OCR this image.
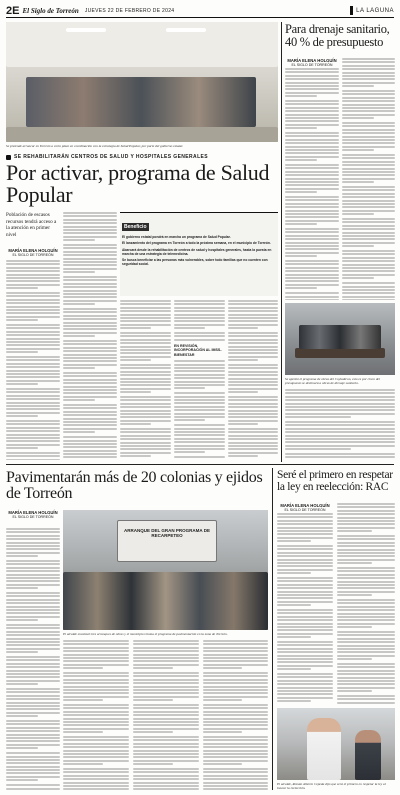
2E El Siglo de Torreón JUEVES 22 DE FEBRERO DE 2024	LA LAGUNA
Se pretende arrancar en Torreón a corto plazo en coordinación con la estrategia de Salud Popular, por parte del gobierno estatal.
Para drenaje sanitario, 40 % de presupuesto
MARÍA ELENA HOLGUÍN
EL SIGLO DE TORREÓN
Se aprobó el programa de obras del Cuyladicon, esto es por cinco del presupuesto se destinará a obras de drenaje sanitario.
SE REHABILITARÁN CENTROS DE SALUD Y HOSPITALES GENERALES
Por activar, programa de Salud Popular
Población de escasos recursos tendrá acceso a la atención en primer nivel
MARÍA ELENA HOLGUÍN
EL SIGLO DE TORREÓN
Beneficio
El gobierno estatal pondrá en marcha un programa de Salud Popular.
El lanzamiento del programa en Torreón a todo la próxima semana, en el municipio de Torreón.
Abarcará desde la rehabilitación de centros de salud y hospitales generales, hasta la puesta en marcha de una estrategia de telemedicina.
Se busca beneficiar a las personas más vulnerables, sobre todo familias que no cuenten con seguridad social.
EN REVISIÓN, INCORPORACIÓN AL IMSS-BIENESTAR
Pavimentarán más de 20 colonias y ejidos de Torreón
MARÍA ELENA HOLGUÍN
EL SIGLO DE TORREÓN
ARRANQUE DEL GRAN PROGRAMA DE RECARPETEO
El alcalde encabezó tres arranques de obras y el municipio retoma el programa de pavimentación en la zona de Torreón.
Seré el primero en respetar la ley en reelección: RAC
MARÍA ELENA HOLGUÍN
EL SIGLO DE TORREÓN
El alcalde, Román Alberto Cepeda dijo que será el primero en respetar la ley al buscar la reelección.
